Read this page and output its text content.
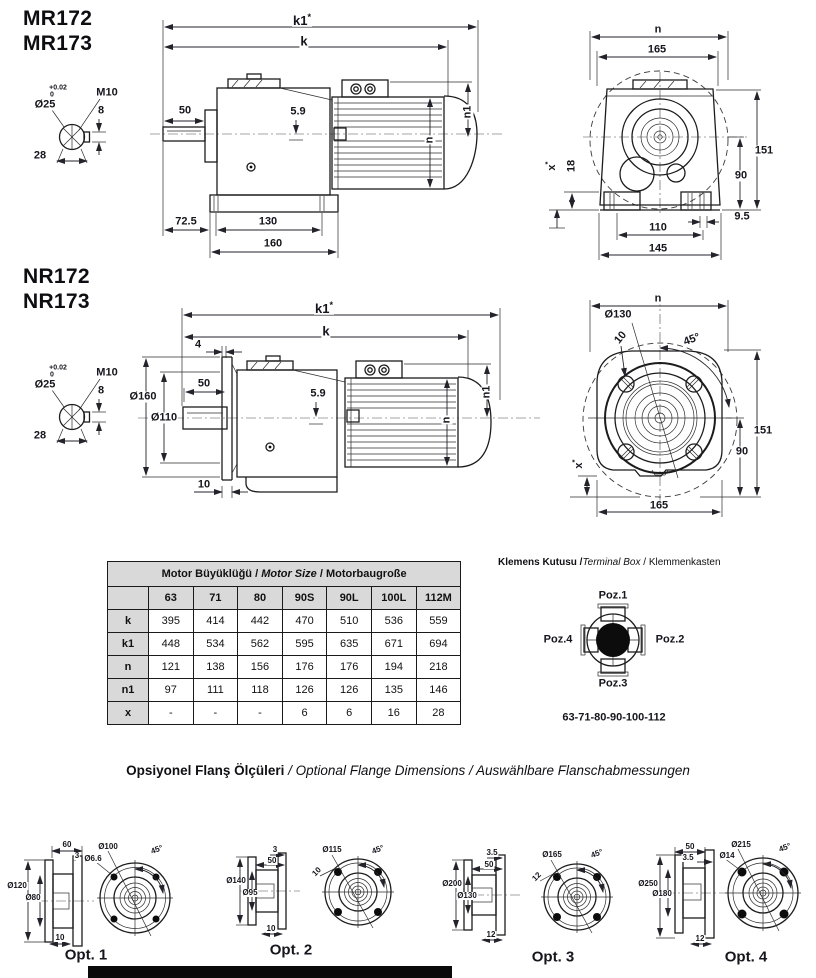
MR172
MR173
NR172
NR173
+0.02
0
Ø25
M10
8
28
+0.02
0
Ø25
M10
8
28
k1*
k
50	5.9
n
n1
72.5	130
160
n
165
x*	18
151
90
9.5
110
145
k1*
k
4
50
Ø160
Ø110
5.9
n
n1
10
n
Ø130
10	45°
151
90
x*
165
Motor Büyüklüğü / Motor Size / Motorbaugroße							
	63	71	80	90S	90L	100L	112M
k	395	414	442	470	510	536	559
k1	448	534	562	595	635	671	694
n	121	138	156	176	176	194	218
n1	97	111	118	126	126	135	146
x	-	-	-	6	6	16	28
Klemens Kutusu /Terminal Box / Klemmenkasten
Poz.1
Poz.2
Poz.3
Poz.4
63-71-80-90-100-112
Opsiyonel Flanş Ölçüleri / Optional Flange Dimensions / Auswählbare Flanschabmessungen
60
3
Ø120
Ø80
10
Ø100
Ø6.6
45°
Opt. 1
3
50
Ø140
Ø95
10
Ø115
10
45°
Opt. 2
3.5
50
Ø200
Ø130
12
Ø165
12
45°
Opt. 3
50
3.5
Ø250
Ø180
12
Ø215
Ø14
45°
Opt. 4
